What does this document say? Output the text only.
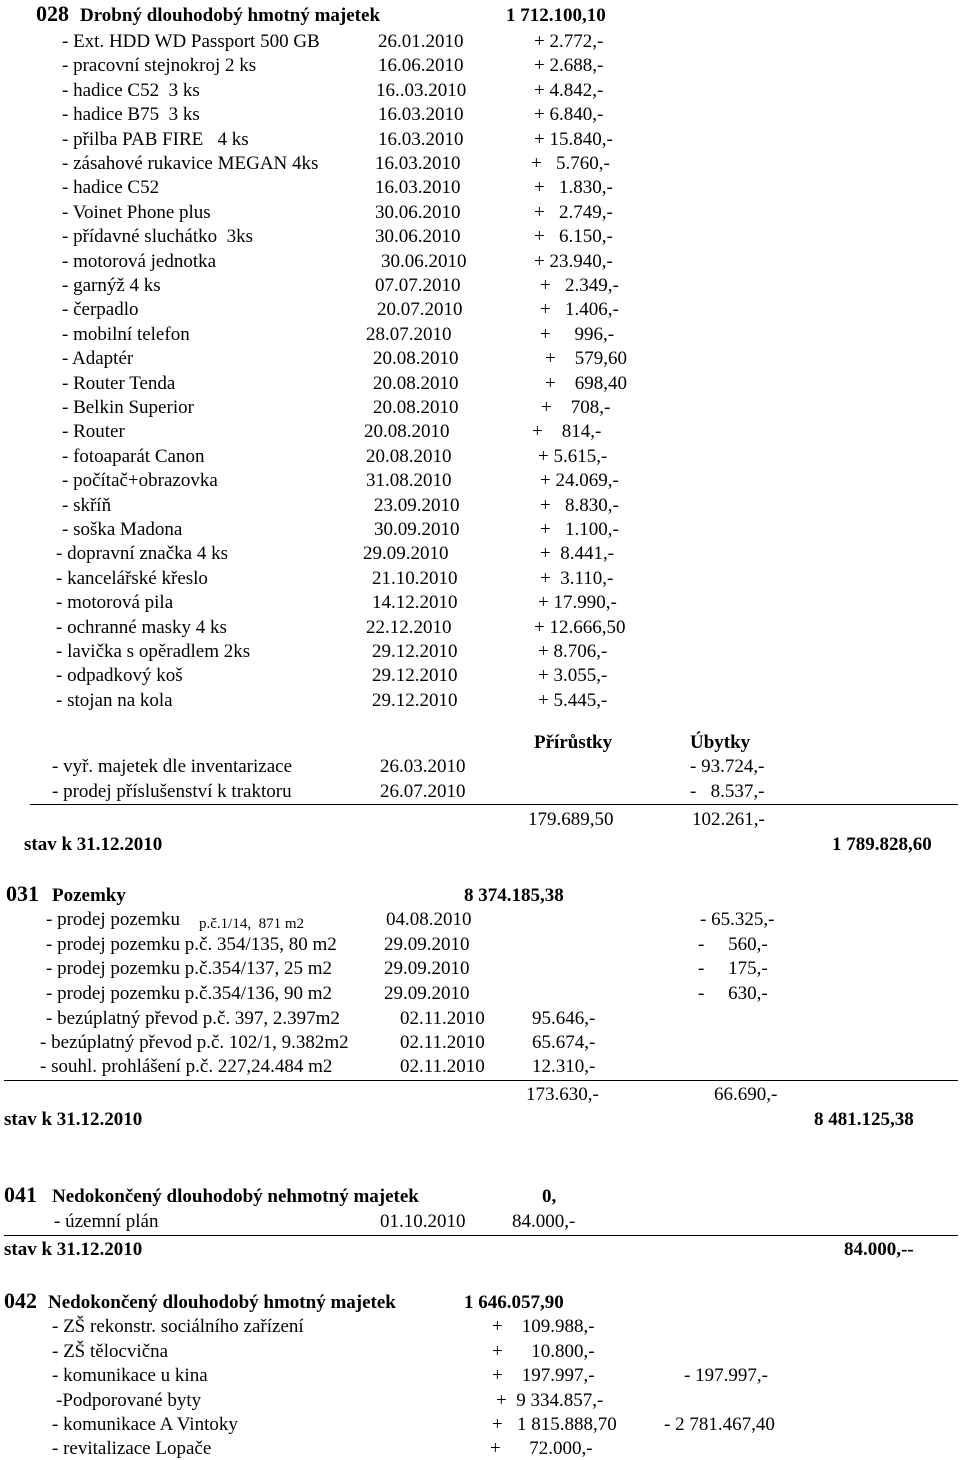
028 Drobný dlouhodobý hmotný majetek	1 712.100,10
- Ext. HDD WD Passport 500 GB	26.01.2010	+ 2.772,-
- pracovní stejnokroj 2 ks	16.06.2010	+ 2.688,-
- hadice C52  3 ks	16..03.2010	+ 4.842,-
- hadice B75  3 ks	16.03.2010	+ 6.840,-
- přilba PAB FIRE   4 ks	16.03.2010	+ 15.840,-
- zásahové rukavice MEGAN 4ks	16.03.2010	+   5.760,-
- hadice C52	16.03.2010	+   1.830,-
- Voinet Phone plus	30.06.2010	+   2.749,-
- přídavné sluchátko  3ks	30.06.2010	+   6.150,-
- motorová jednotka	30.06.2010	+ 23.940,-
- garnýž 4 ks	07.07.2010	+   2.349,-
- čerpadlo	20.07.2010	+   1.406,-
- mobilní telefon	28.07.2010	+     996,-
- Adaptér	20.08.2010	+    579,60
- Router Tenda	20.08.2010	+    698,40
- Belkin Superior	20.08.2010	+    708,-
- Router	20.08.2010	+    814,-
- fotoaparát Canon	20.08.2010	+ 5.615,-
- počítač+obrazovka	31.08.2010	+ 24.069,-
- skříň	23.09.2010	+   8.830,-
- soška Madona	30.09.2010	+   1.100,-
- dopravní značka 4 ks	29.09.2010	+  8.441,-
- kancelářské křeslo	21.10.2010	+  3.110,-
- motorová pila	14.12.2010	+ 17.990,-
- ochranné masky 4 ks	22.12.2010	+ 12.666,50
- lavička s opěradlem 2ks	29.12.2010	+ 8.706,-
- odpadkový koš	29.12.2010	+ 3.055,-
- stojan na kola	29.12.2010	+ 5.445,-
Přírůstky	Úbytky
- vyř. majetek dle inventarizace	26.03.2010	- 93.724,-
- prodej příslušenství k traktoru	26.07.2010	-   8.537,-
179.689,50	102.261,-
stav k 31.12.2010	1 789.828,60
031 Pozemky	8 374.185,38
- prodej pozemku p.č.1/14,  871 m2	04.08.2010	- 65.325,-
- prodej pozemku p.č. 354/135, 80 m2 29.09.2010	-     560,-
- prodej pozemku p.č.354/137, 25 m2	29.09.2010	-     175,-
- prodej pozemku p.č.354/136, 90 m2	29.09.2010	-     630,-
- bezúplatný převod p.č. 397, 2.397m2	02.11.2010 95.646,-
- bezúplatný převod p.č. 102/1, 9.382m2	02.11.2010 65.674,-
- souhl. prohlášení p.č. 227,24.484 m2	02.11.2010 12.310,-
173.630,-	66.690,-
stav k 31.12.2010	8 481.125,38
041 Nedokončený dlouhodobý nehmotný majetek	0,
- územní plán	01.10.2010 84.000,-
stav k 31.12.2010	84.000,--
042 Nedokončený dlouhodobý hmotný majetek	1 646.057,90
- ZŠ rekonstr. sociálního zařízení	+    109.988,-
- ZŠ tělocvična	+      10.800,-
- komunikace u kina	+    197.997,-	- 197.997,-
-Podporované byty	+  9 334.857,-
- komunikace A Vintoky	+   1 815.888,70 - 2 781.467,40
- revitalizace Lopače	+      72.000,-
